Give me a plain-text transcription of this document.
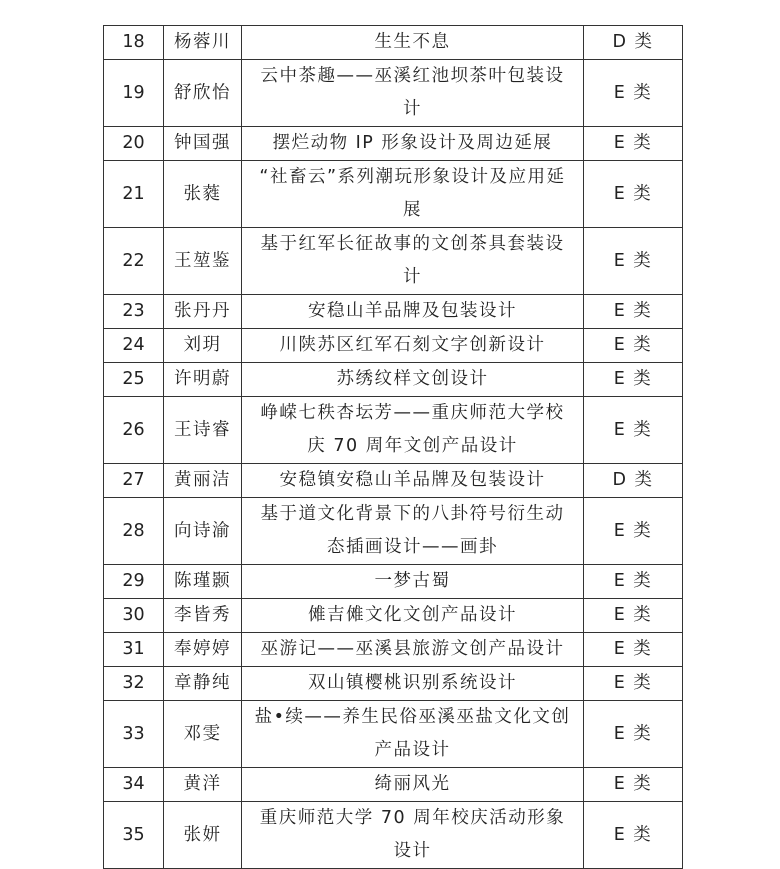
18	杨蓉川	生生不息	D 类
19	舒欣怡	云中茶趣——巫溪红池坝茶叶包装设计	E 类
20	钟国强	摆烂动物 IP 形象设计及周边延展	E 类
21	张蕤	“社畜云”系列潮玩形象设计及应用延展	E 类
22	王堃鉴	基于红军长征故事的文创茶具套装设计	E 类
23	张丹丹	安稳山羊品牌及包装设计	E 类
24	刘玥	川陕苏区红军石刻文字创新设计	E 类
25	许明蔚	苏绣纹样文创设计	E 类
26	王诗睿	峥嵘七秩杏坛芳——重庆师范大学校庆 70 周年文创产品设计	E 类
27	黄丽洁	安稳镇安稳山羊品牌及包装设计	D 类
28	向诗渝	基于道文化背景下的八卦符号衍生动态插画设计——画卦	E 类
29	陈瑾颢	一梦古蜀	E 类
30	李皆秀	傩吉傩文化文创产品设计	E 类
31	奉婷婷	巫游记——巫溪县旅游文创产品设计	E 类
32	章静纯	双山镇樱桃识别系统设计	E 类
33	邓雯	盐•续——养生民俗巫溪巫盐文化文创产品设计	E 类
34	黄洋	绮丽风光	E 类
35	张妍	重庆师范大学 70 周年校庆活动形象设计	E 类
